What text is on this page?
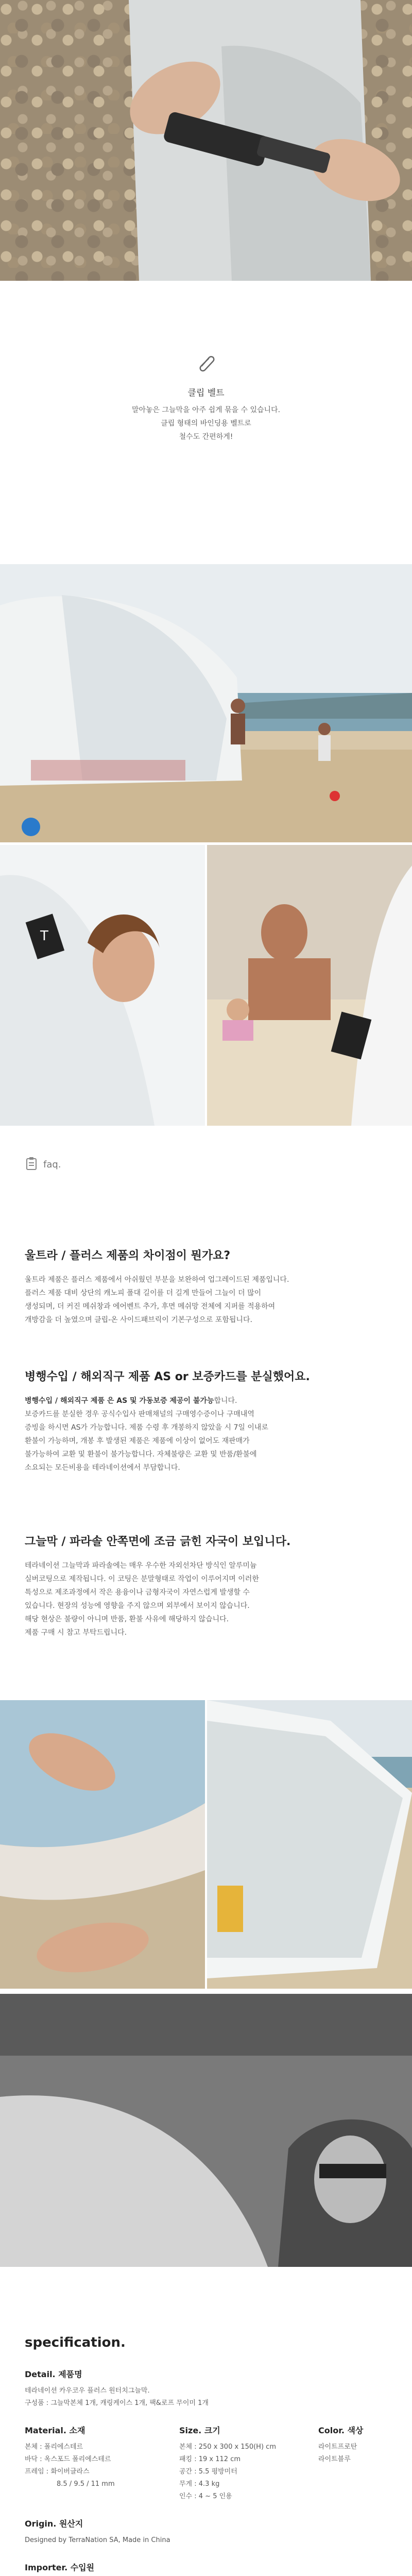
클립 벨트
말아놓은 그늘막을 아주 쉽게 묶을 수 있습니다.
클립 형태의 바인딩용 벨트로
철수도 간편하게!
T
faq.
울트라 / 플러스 제품의 차이점이 뭔가요?

울트라 제품은 플러스 제품에서 아쉬웠던 부분을 보완하여 업그레이드된 제품입니다.

플러스 제품 대비 상단의 캐노피 폴대 길이를 더 길게 만들어 그늘이 더 많이

생성되며, 더 커진 메쉬창과 에어벤트 추가, 후면 메쉬망 전체에 지퍼를 적용하여

개방감을 더 높였으며 클립-온 사이드패브릭이 기본구성으로 포함됩니다.

병행수입 / 해외직구 제품 AS or 보증카드를 분실했어요.

병행수입 / 해외직구 제품 은 AS 및 가동보증 제공이 불가능합니다.

보증카드를 분실한 경우 공식수입사 판매채널의 구매영수증이나 구매내역

증빙을 하시면 AS가 가능합니다. 제품 수령 후 개봉하지 않았을 시 7일 이내로

환불이 가능하며, 개봉 후 발생된 제품은 제품에 이상이 없어도 재판매가

불가능하여 교환 및 환불이 불가능합니다. 자체불량은 교환 및 반품/환불에

소요되는 모든비용을 테라네이션에서 부담합니다.

그늘막 / 파라솔 안쪽면에 조금 긁힌 자국이 보입니다.

테라네이션 그늘막과 파라솔에는 매우 우수한 자외선차단 방식인 알루미늄

실버코팅으로 제작됩니다. 이 코팅은 분말형태로 작업이 이루어지며 이러한

특성으로 제조과정에서 작은 용융이나 금형자국이 자연스럽게 발생할 수

있습니다. 현장의 성능에 영향을 주지 않으며 외부에서 보이지 않습니다.

해당 현상은 불량이 아니며 반품, 환불 사유에 해당하지 않습니다.

제품 구매 시 참고 부탁드립니다.

specification.
Detail. 제품명
테라네이션 카우코우 플러스 원터치그늘막.
구성품 : 그늘막본체 1개, 캐링케이스 1개, 팩&로프 무이미 1개
Material. 소재
본체 : 폴리에스테르
바닥 : 옥스포드 폴리에스테르
프레임 : 화이버글라스
8.5 / 9.5 / 11 mm
Size. 크기
본체 : 250 x 300 x 150(H) cm
패킹 : 19 x 112 cm
공간 : 5.5 평방미터
무게 : 4.3 kg
인수 : 4 ~ 5 인용
Color. 색상
라이트프로탄
라이트블루
Origin. 원산지
Designed by TerraNation SA, Made in China
Importer. 수입원
